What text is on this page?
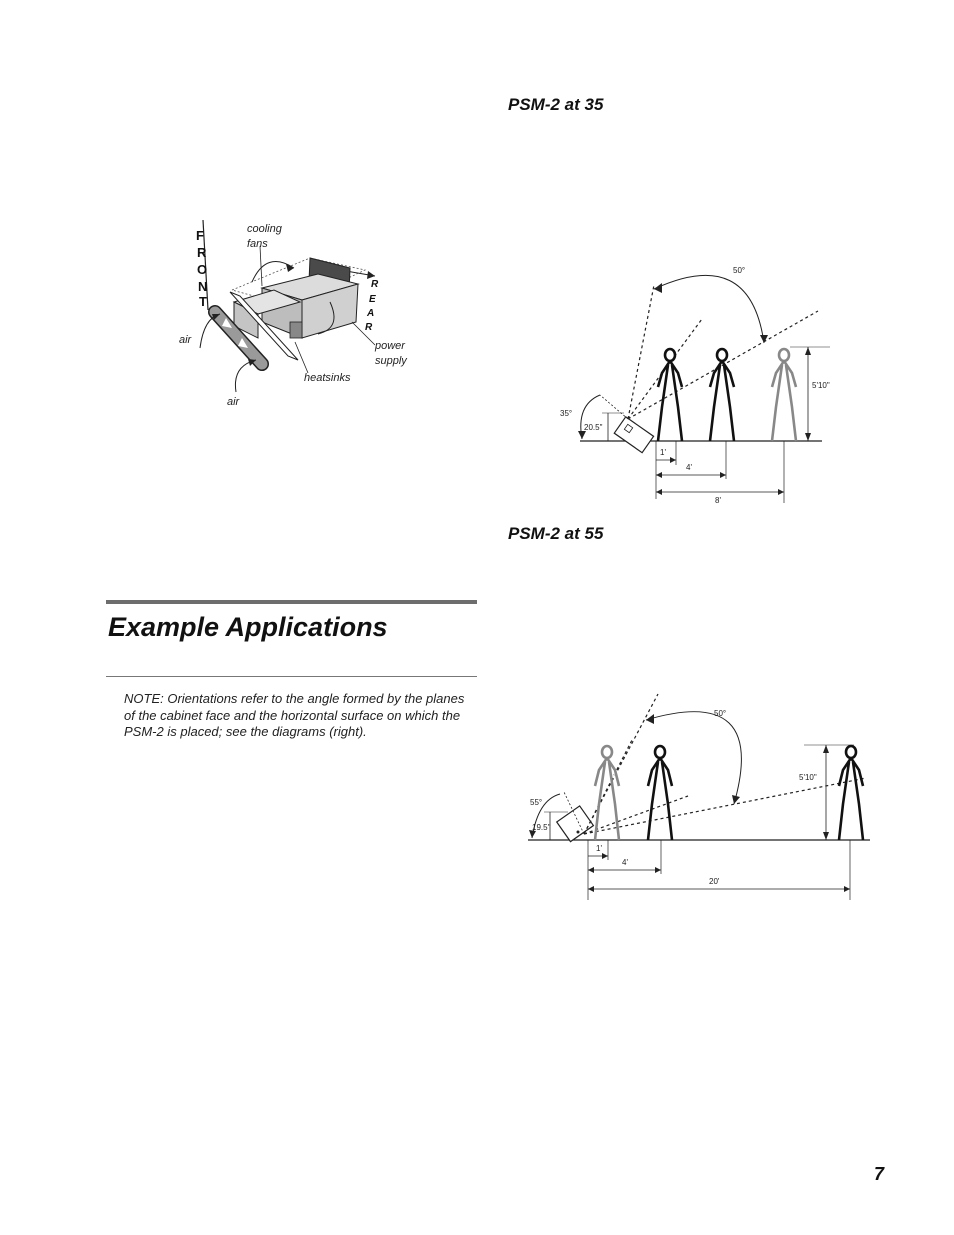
F
R
O
N
T
R
E
A
R
cooling
fans
air
air
heatsinks
power
supply
PSM-2 at 35
50°
35°
20.5"
5'10"
1'
4'
8'
PSM-2 at 55
50°
55°
19.5"
5'10"
1'
4'
20'
Example Applications
NOTE: Orientations refer to the angle formed by the planes of the cabinet face and the horizontal surface on which the PSM-2 is placed; see the diagrams (right).
7
